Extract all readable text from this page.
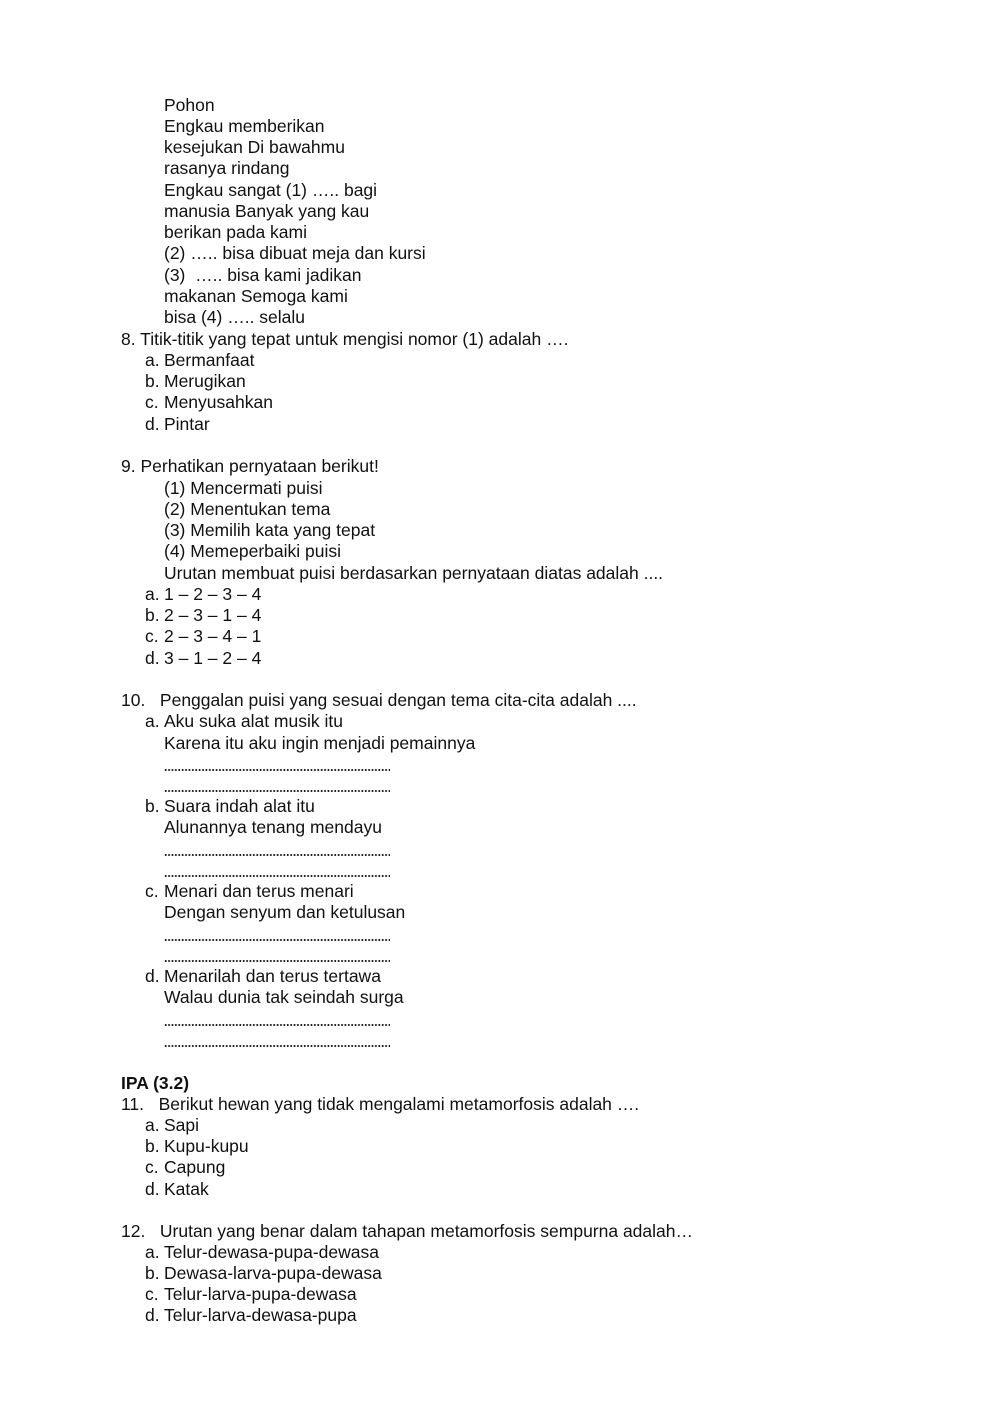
Pohon
Engkau memberikan
kesejukan Di bawahmu
rasanya rindang
Engkau sangat (1) ….. bagi
manusia Banyak yang kau
berikan pada kami
(2) ….. bisa dibuat meja dan kursi
(3)  ….. bisa kami jadikan
makanan Semoga kami
bisa (4) ….. selalu
8. Titik-titik yang tepat untuk mengisi nomor (1) adalah ….
a. Bermanfaat
b. Merugikan
c. Menyusahkan
d. Pintar
9. Perhatikan pernyataan berikut!
(1) Mencermati puisi
(2) Menentukan tema
(3) Memilih kata yang tepat
(4) Memeperbaiki puisi
Urutan membuat puisi berdasarkan pernyataan diatas adalah ....
a. 1 – 2 – 3 – 4
b. 2 – 3 – 1 – 4
c. 2 – 3 – 4 – 1
d. 3 – 1 – 2 – 4
10. Penggalan puisi yang sesuai dengan tema cita-cita adalah ....
a. Aku suka alat musik itu
Karena itu aku ingin menjadi pemainnya
b. Suara indah alat itu
Alunannya tenang mendayu
c. Menari dan terus menari
Dengan senyum dan ketulusan
d. Menarilah dan terus tertawa
Walau dunia tak seindah surga
IPA (3.2)
11. Berikut hewan yang tidak mengalami metamorfosis adalah ….
a. Sapi
b. Kupu-kupu
c. Capung
d. Katak
12. Urutan yang benar dalam tahapan metamorfosis sempurna adalah…
a. Telur-dewasa-pupa-dewasa
b. Dewasa-larva-pupa-dewasa
c. Telur-larva-pupa-dewasa
d. Telur-larva-dewasa-pupa
